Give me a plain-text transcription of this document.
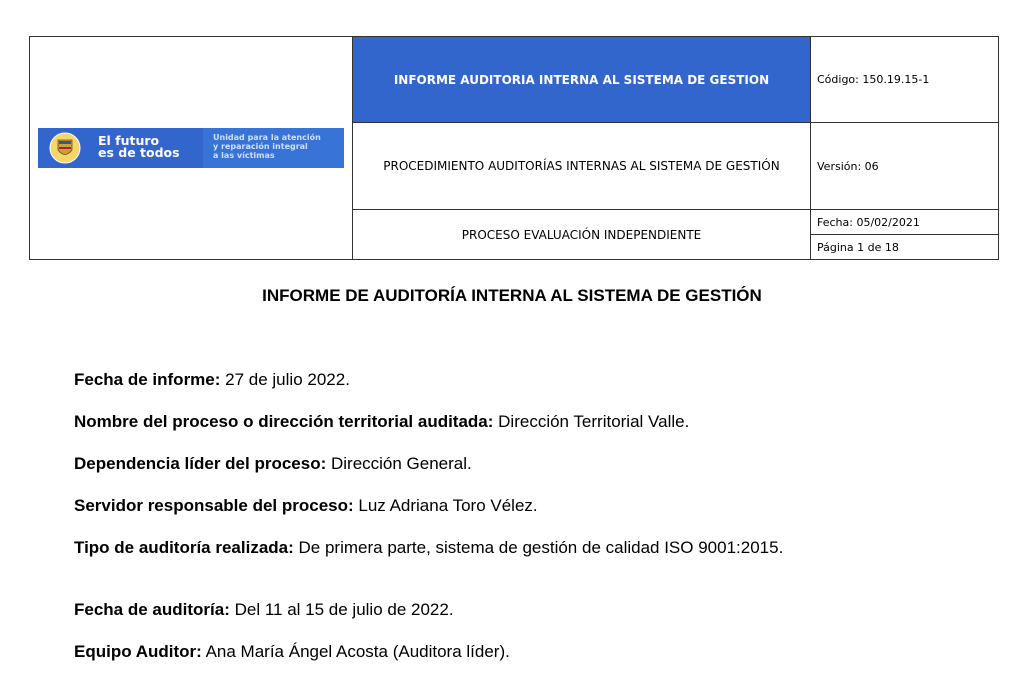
El futuro
es de todos
Unidad para la atención
y reparación integral
a las víctimas	INFORME AUDITORIA INTERNA AL SISTEMA DE GESTION	Código: 150.19.15-1
	PROCEDIMIENTO AUDITORÍAS INTERNAS AL SISTEMA DE GESTIÓN	Versión: 06
	PROCESO EVALUACIÓN INDEPENDIENTE	Fecha: 05/02/2021
		Página 1 de 18
INFORME DE AUDITORÍA INTERNA AL SISTEMA DE GESTIÓN

Fecha de informe: 27 de julio 2022.

Nombre del proceso o dirección territorial auditada: Dirección Territorial Valle.

Dependencia líder del proceso: Dirección General.

Servidor responsable del proceso: Luz Adriana Toro Vélez.

Tipo de auditoría realizada: De primera parte, sistema de gestión de calidad ISO 9001:2015.

Fecha de auditoría: Del 11 al 15 de julio de 2022.

Equipo Auditor: Ana María Ángel Acosta (Auditora líder).
